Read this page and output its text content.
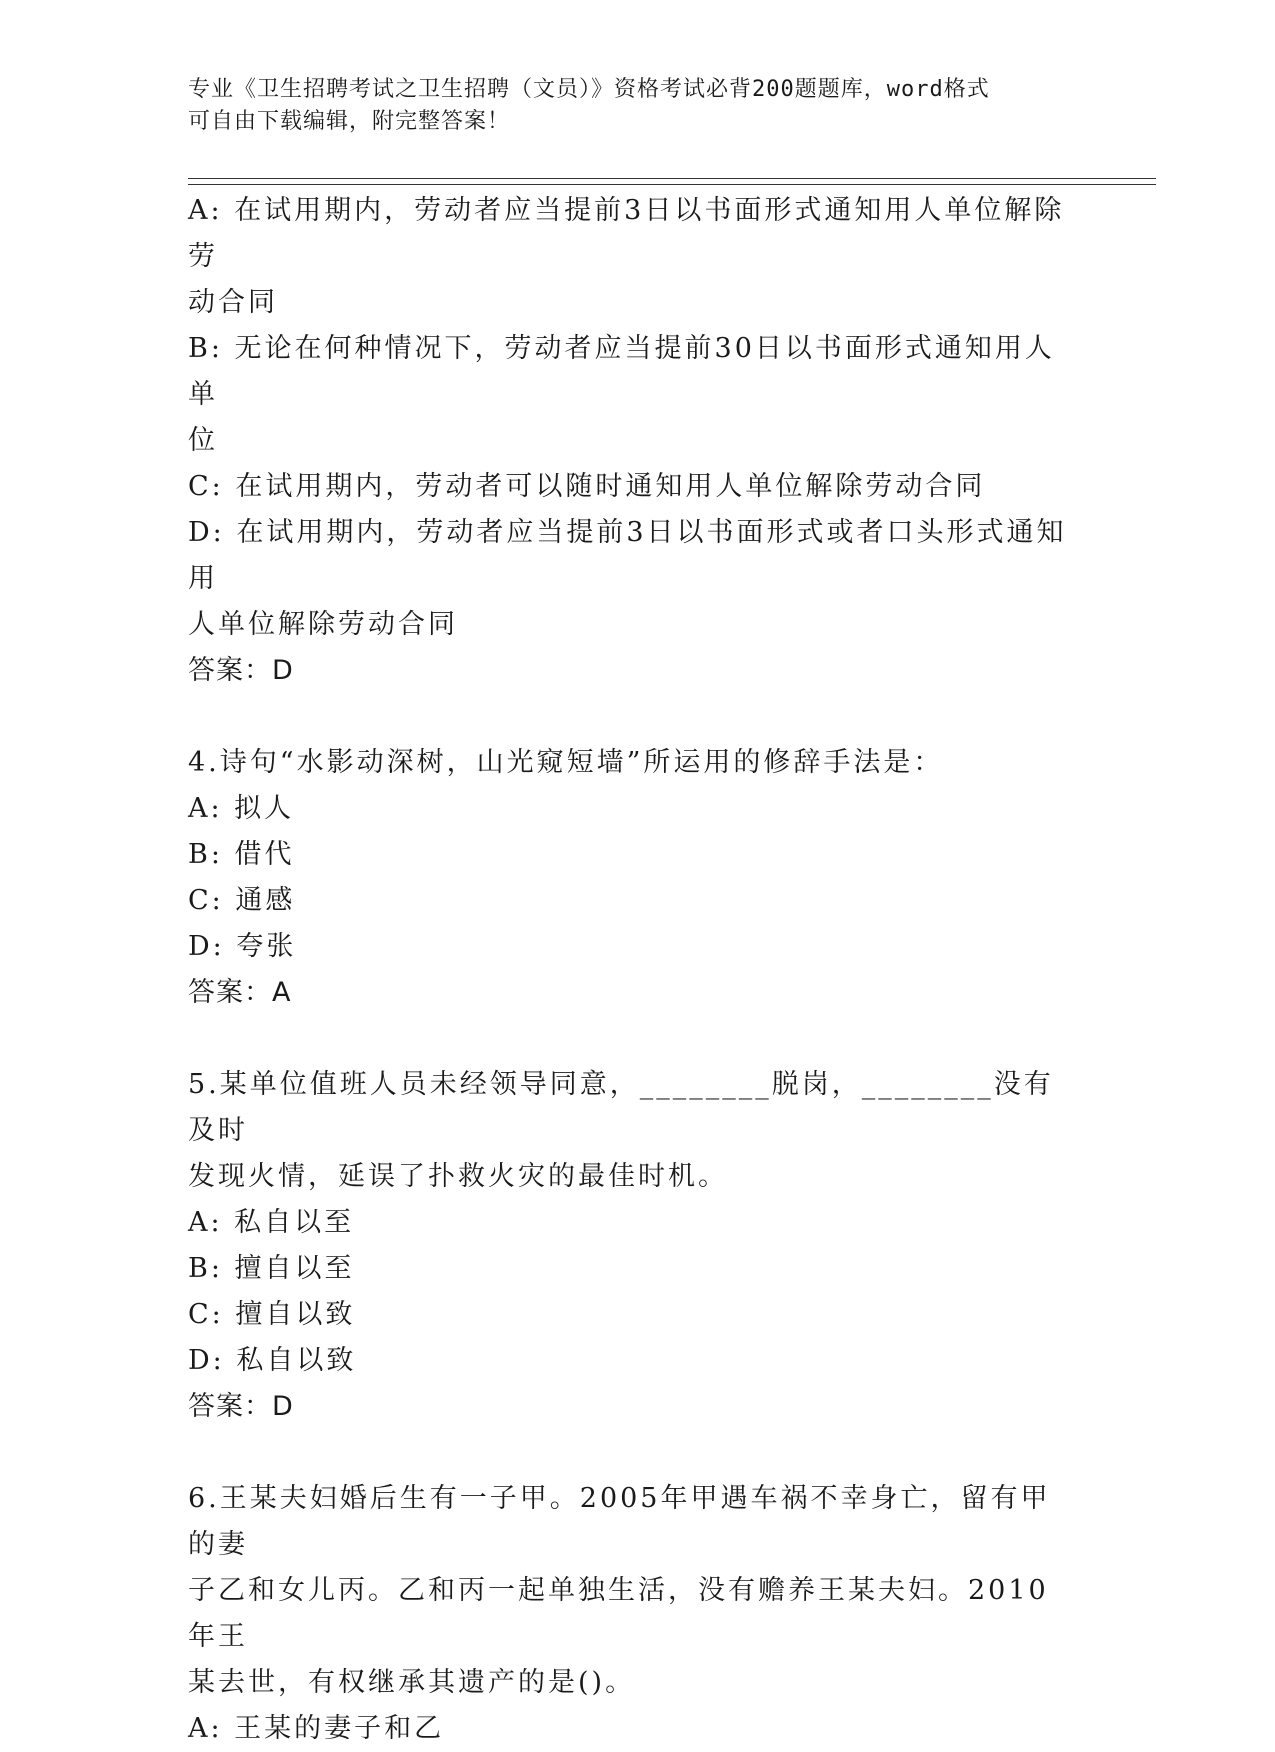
专业《卫生招聘考试之卫生招聘（文员）》资格考试必背200题题库，word格式
可自由下载编辑，附完整答案！
A: 在试用期内，劳动者应当提前3日以书面形式通知用人单位解除劳
动合同
B: 无论在何种情况下，劳动者应当提前30日以书面形式通知用人单
位
C: 在试用期内，劳动者可以随时通知用人单位解除劳动合同
D: 在试用期内，劳动者应当提前3日以书面形式或者口头形式通知用
人单位解除劳动合同
答案：D
4.诗句“水影动深树，山光窥短墙”所运用的修辞手法是：
A: 拟人
B: 借代
C: 通感
D: 夸张
答案：A
5.某单位值班人员未经领导同意，________脱岗，________没有及时
发现火情，延误了扑救火灾的最佳时机。
A: 私自以至
B: 擅自以至
C: 擅自以致
D: 私自以致
答案：D
6.王某夫妇婚后生有一子甲。2005年甲遇车祸不幸身亡，留有甲的妻
子乙和女儿丙。乙和丙一起单独生活，没有赡养王某夫妇。2010年王
某去世，有权继承其遗产的是()。
A: 王某的妻子和乙
